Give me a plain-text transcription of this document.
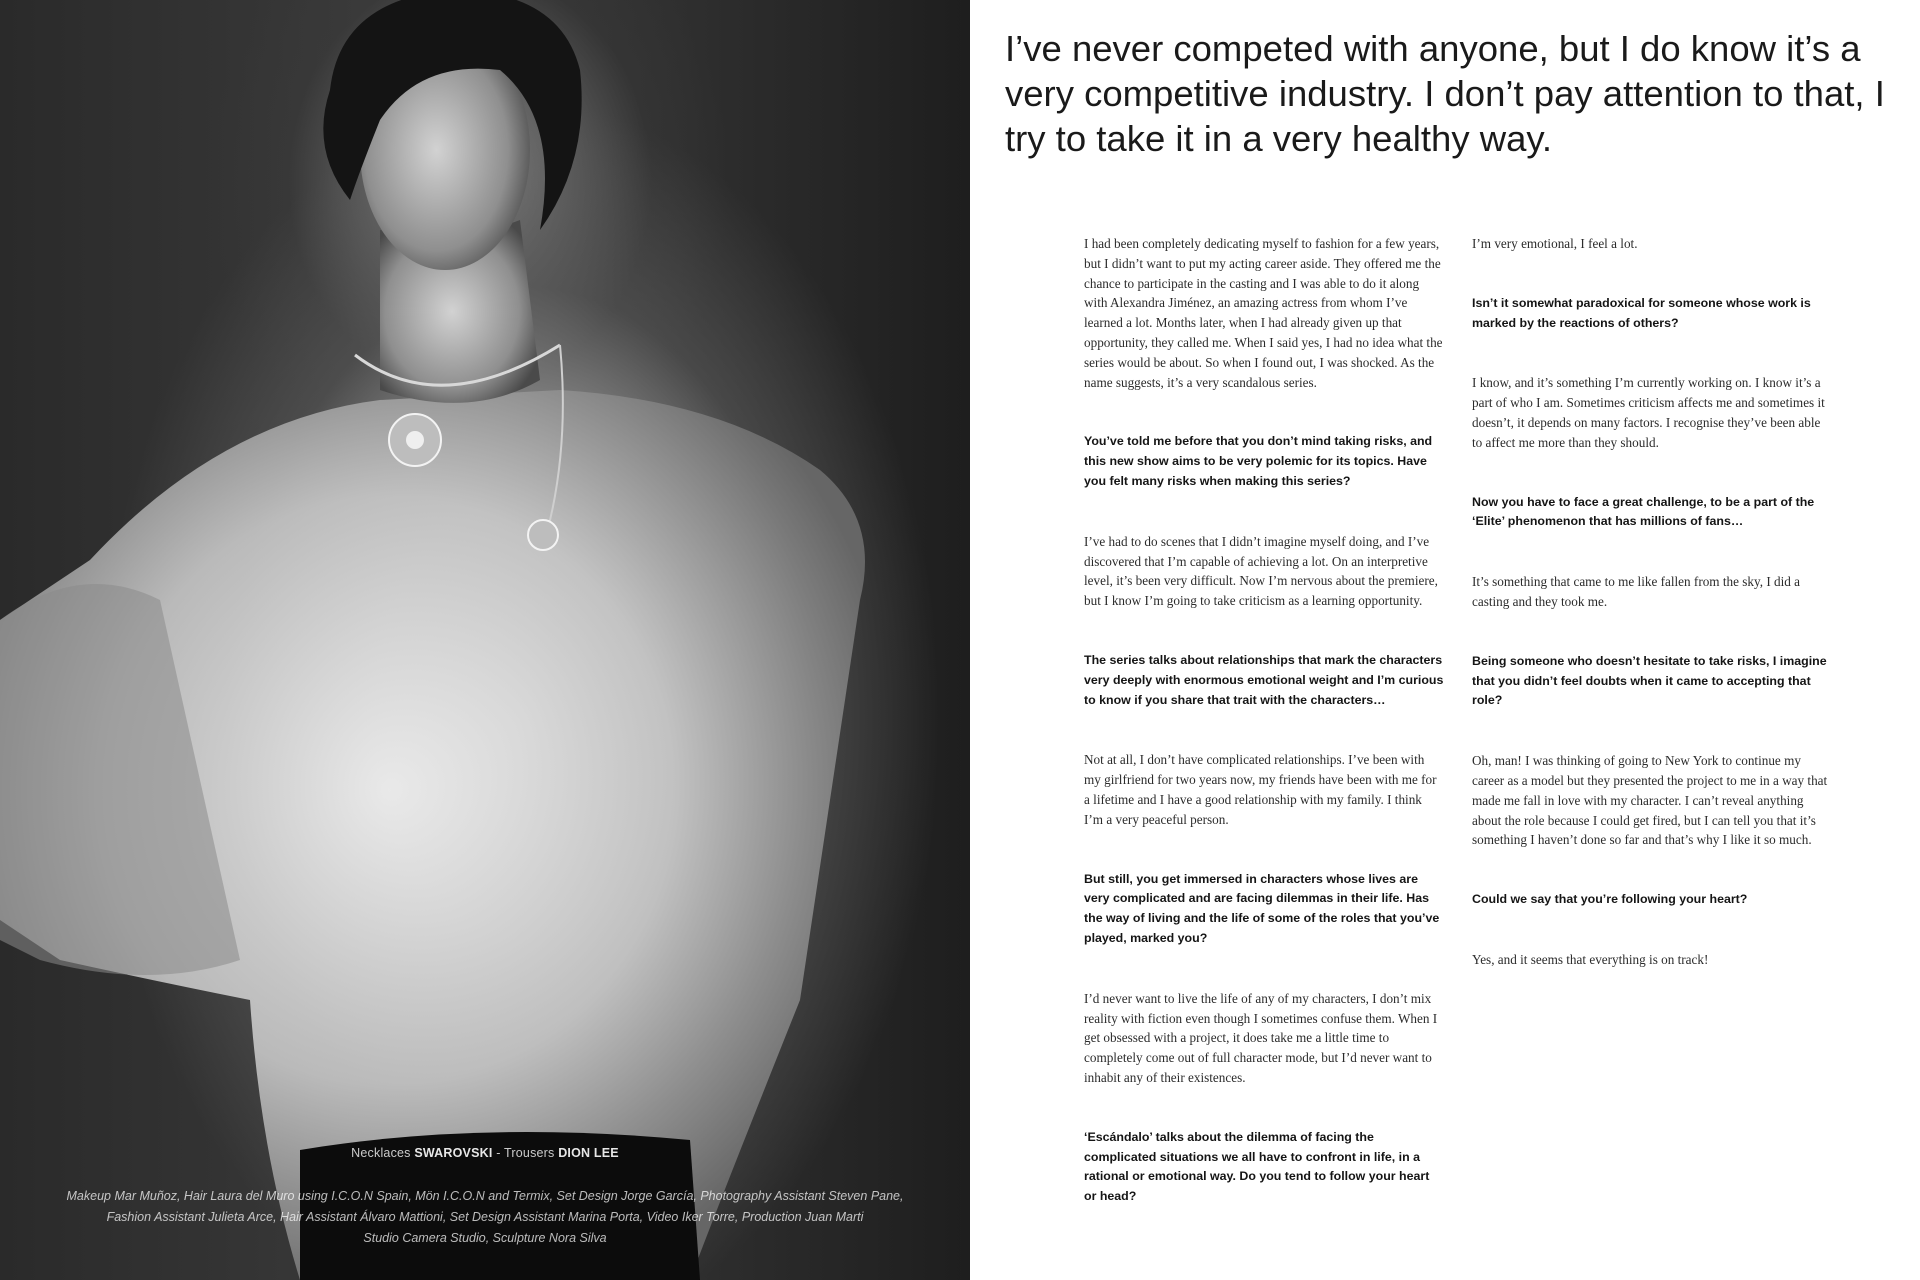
Necklaces SWAROVSKI - Trousers DION LEE
Makeup Mar Muñoz, Hair Laura del Muro using I.C.O.N Spain, Mön I.C.O.N and Termix, Set Design Jorge García, Photography Assistant Steven Pane,
Fashion Assistant Julieta Arce, Hair Assistant Álvaro Mattioni, Set Design Assistant Marina Porta, Video Iker Torre, Production Juan Marti
Studio Camera Studio, Sculpture Nora Silva
I’ve never competed with anyone, but I do know it’s a very competitive industry. I don’t pay attention to that, I try to take it in a very healthy way.

I had been completely dedicating myself to fashion for a few years, but I didn’t want to put my acting career aside. They offered me the chance to participate in the casting and I was able to do it along with Alexandra Jiménez, an amazing actress from whom I’ve learned a lot. Months later, when I had already given up that opportunity, they called me. When I said yes, I had no idea what the series would be about. So when I found out, I was shocked. As the name suggests, it’s a very scandalous series.

You’ve told me before that you don’t mind taking risks, and this new show aims to be very polemic for its topics. Have you felt many risks when making this series?

I’ve had to do scenes that I didn’t imagine myself doing, and I’ve discovered that I’m capable of achieving a lot. On an interpretive level, it’s been very difficult. Now I’m nervous about the premiere, but I know I’m going to take criticism as a learning opportunity.

The series talks about relationships that mark the characters very deeply with enormous emotional weight and I’m curious to know if you share that trait with the characters…

Not at all, I don’t have complicated relationships. I’ve been with my girlfriend for two years now, my friends have been with me for a lifetime and I have a good relationship with my family. I think I’m a very peaceful person.

But still, you get immersed in characters whose lives are very complicated and are facing dilemmas in their life. Has the way of living and the life of some of the roles that you’ve played, marked you?

I’d never want to live the life of any of my characters, I don’t mix reality with fiction even though I sometimes confuse them. When I get obsessed with a project, it does take me a little time to completely come out of full character mode, but I’d never want to inhabit any of their existences.

‘Escándalo’ talks about the dilemma of facing the complicated situations we all have to confront in life, in a rational or emotional way. Do you tend to follow your heart or head?

I’m very emotional, I feel a lot.

Isn’t it somewhat paradoxical for someone whose work is marked by the reactions of others?

I know, and it’s something I’m currently working on. I know it’s a part of who I am. Sometimes criticism affects me and sometimes it doesn’t, it depends on many factors. I recognise they’ve been able to affect me more than they should.

Now you have to face a great challenge, to be a part of the ‘Elite’ phenomenon that has millions of fans…

It’s something that came to me like fallen from the sky, I did a casting and they took me.

Being someone who doesn’t hesitate to take risks, I imagine that you didn’t feel doubts when it came to accepting that role?

Oh, man! I was thinking of going to New York to continue my career as a model but they presented the project to me in a way that made me fall in love with my character. I can’t reveal anything about the role because I could get fired, but I can tell you that it’s something I haven’t done so far and that’s why I like it so much.

Could we say that you’re following your heart?

Yes, and it seems that everything is on track!
